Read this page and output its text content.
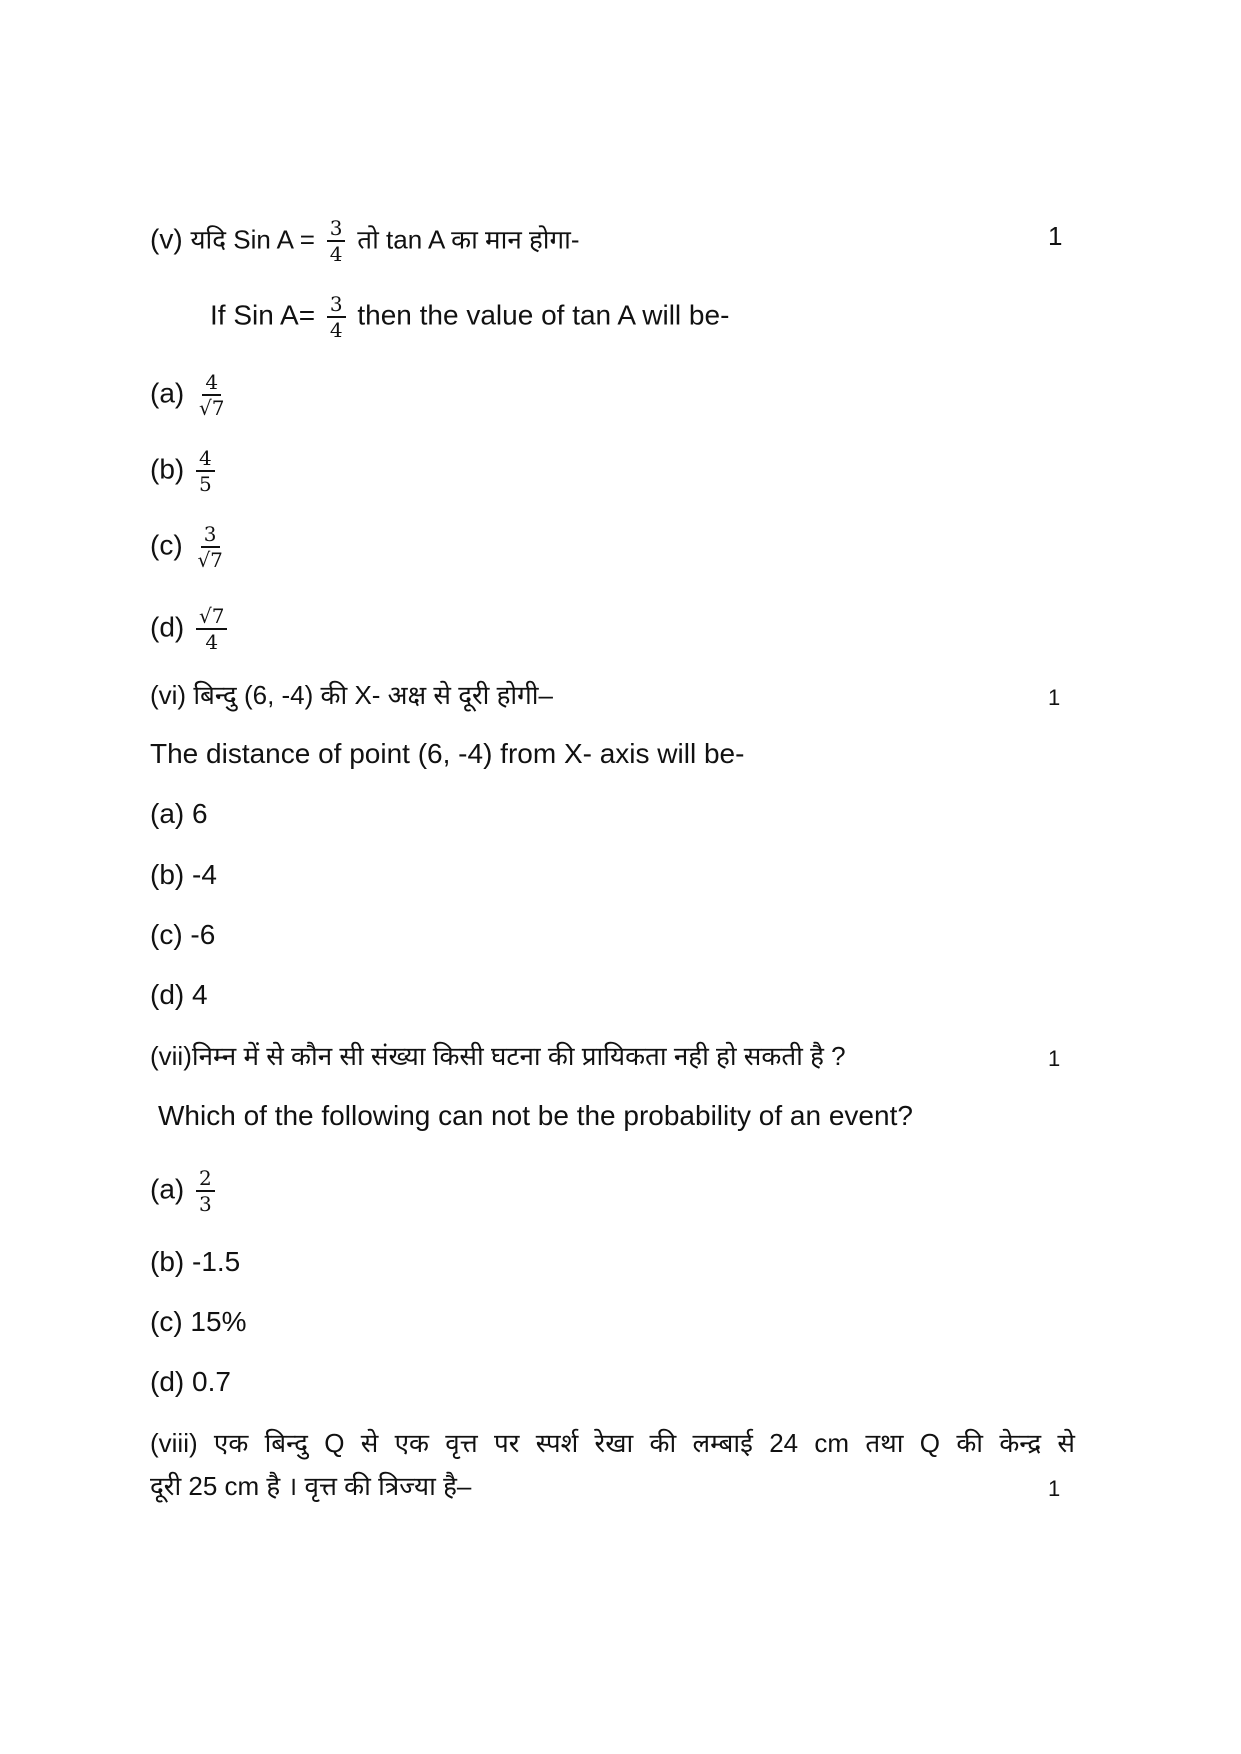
(v) यदि Sin $A = \frac{3}{4}$ तो tan A का मान होगा-	1
If Sin $A= \frac{3}{4}$ then the value of tan A will be-
$(a) \frac{4}{√7}$
$(b) \frac{4}{5}$
$(c) \frac{3}{√7}$
$(d) \frac{√7}{4}$
(vi) बिन्दु (6, -4) की X- अक्ष से दूरी होगी–	1
The distance of point (6, -4) from X- axis will be-
(a) 6
(b) -4
(c) -6
(d) 4
(vii)निम्न में से कौन सी संख्या किसी घटना की प्रायिकता नही हो सकती है ?	1
Which of the following can not be the probability of an event?
$(a) \frac{2}{3}$
(b) -1.5
(c) 15%
(d) 0.7
(viii) एक बिन्दु Q से एक वृत्त पर स्पर्श रेखा की लम्बाई 24 cm तथा Q की केन्द्र से
दूरी 25 cm है । वृत्त की त्रिज्या है–	1
